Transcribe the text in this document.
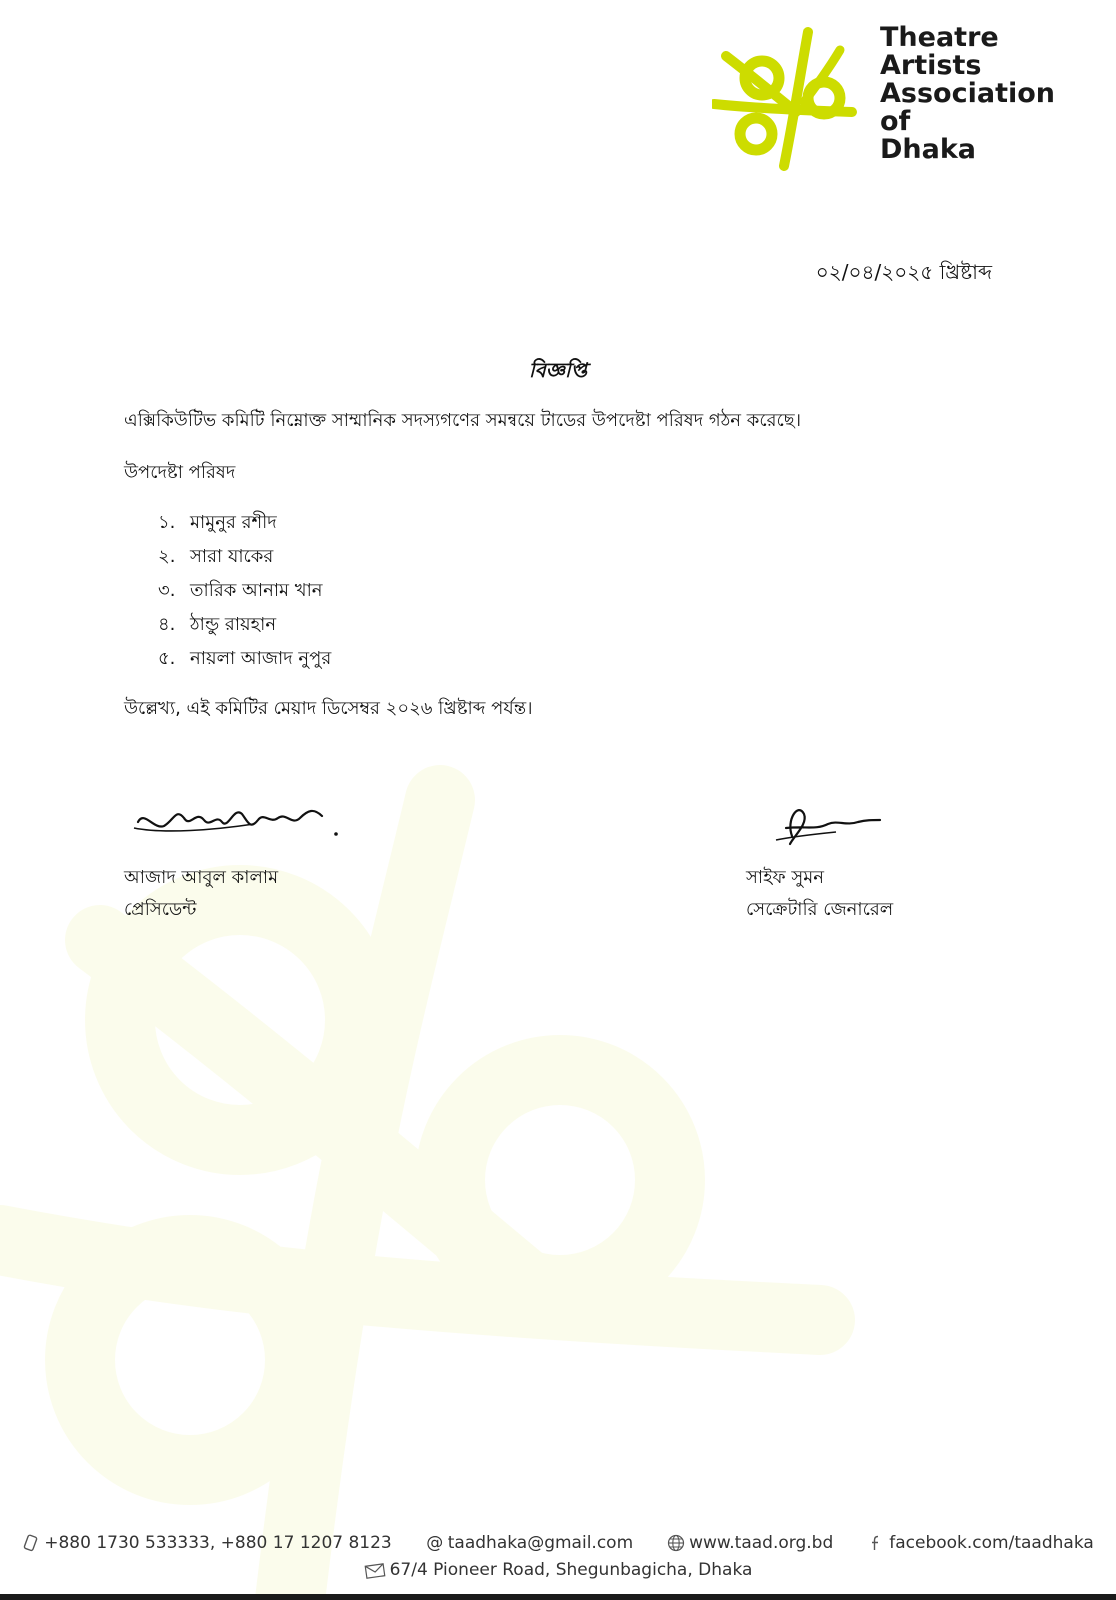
Theatre
Artists
Association
of
Dhaka
০২/০৪/২০২৫ খ্রিষ্টাব্দ
বিজ্ঞপ্তি
এক্সিকিউটিভ কমিটি নিম্নোক্ত সাম্মানিক সদস্যগণের সমন্বয়ে টাডের উপদেষ্টা পরিষদ গঠন করেছে।
উপদেষ্টা পরিষদ
১. মামুনুর রশীদ
২. সারা যাকের
৩. তারিক আনাম খান
৪. ঠান্ডু রায়হান
৫. নায়লা আজাদ নুপুর
উল্লেখ্য, এই কমিটির মেয়াদ ডিসেম্বর ২০২৬ খ্রিষ্টাব্দ পর্যন্ত।
আজাদ আবুল কালাম
প্রেসিডেন্ট
সাইফ সুমন
সেক্রেটারি জেনারেল
+880 1730 533333, +880 17 1207 8123 @ taadhaka@gmail.com	www.taad.org.bd	facebook.com/taadhaka
67/4 Pioneer Road, Shegunbagicha, Dhaka
